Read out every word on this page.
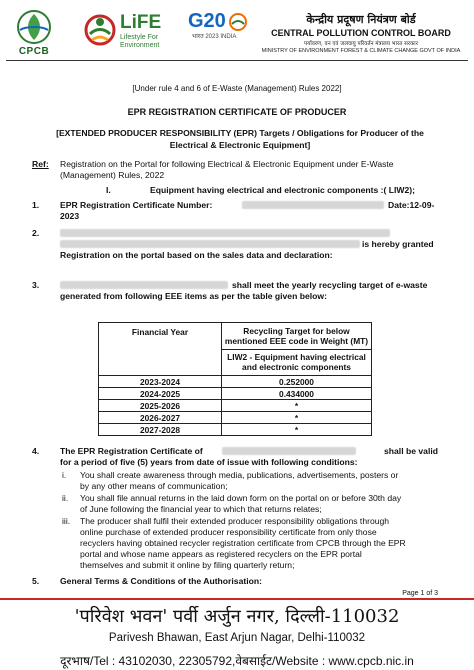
CPCB
LiFE
Lifestyle For Environment
G20
भारत 2023 INDIA
केन्द्रीय प्रदूषण नियंत्रण बोर्ड
CENTRAL POLLUTION CONTROL BOARD
पर्यावरण, वन एवं जलवायु परिवर्तन मंत्रालय भारत सरकार
MINISTRY OF ENVIRONMENT FOREST & CLIMATE CHANGE GOVT OF INDIA
[Under rule 4 and 6 of E-Waste (Management) Rules 2022]
EPR REGISTRATION CERTIFICATE OF PRODUCER
[EXTENDED PRODUCER RESPONSIBILITY (EPR) Targets / Obligations for Producer of the
Electrical & Electronic Equipment]
Ref: Registration on the Portal for following Electrical & Electronic Equipment under E-Waste
(Management) Rules, 2022
I.	Equipment having electrical and electronic components :( LIW2);
1. EPR Registration Certificate Number:	Date:12-09-
2023
2.
is hereby granted
Registration on the portal based on the sales data and declaration:
3.	shall meet the yearly recycling target of e-waste
generated from following EEE items as per the table given below:
Financial Year	Recycling Target for below mentioned EEE code in Weight (MT)
	LIW2 - Equipment having electrical and electronic components
2023-2024	0.252000
2024-2025	0.434000
2025-2026	*
2026-2027	*
2027-2028	*
4. The EPR Registration Certificate of	shall be valid
for a period of five (5) years from date of issue with following conditions:
i. You shall create awareness through media, publications, advertisements, posters or
by any other means of communication;
ii. You shall file annual returns in the laid down form on the portal on or before 30th day
of June following the financial year to which that returns relates;
iii. The producer shall fulfil their extended producer responsibility obligations through
online purchase of extended producer responsibility certificate from only those
recyclers having obtained recycler registration certificate from CPCB through the EPR
portal and whose name appears as registered recyclers on the EPR portal
themselves and submit it online by filing quarterly return;
5. General Terms & Conditions of the Authorisation:
Page 1 of 3
'परिवेश भवन' पर्वी अर्जुन नगर, दिल्ली-110032
Parivesh Bhawan, East Arjun Nagar, Delhi-110032
दूरभाष/Tel : 43102030, 22305792,वेबसाईट/Website : www.cpcb.nic.in
